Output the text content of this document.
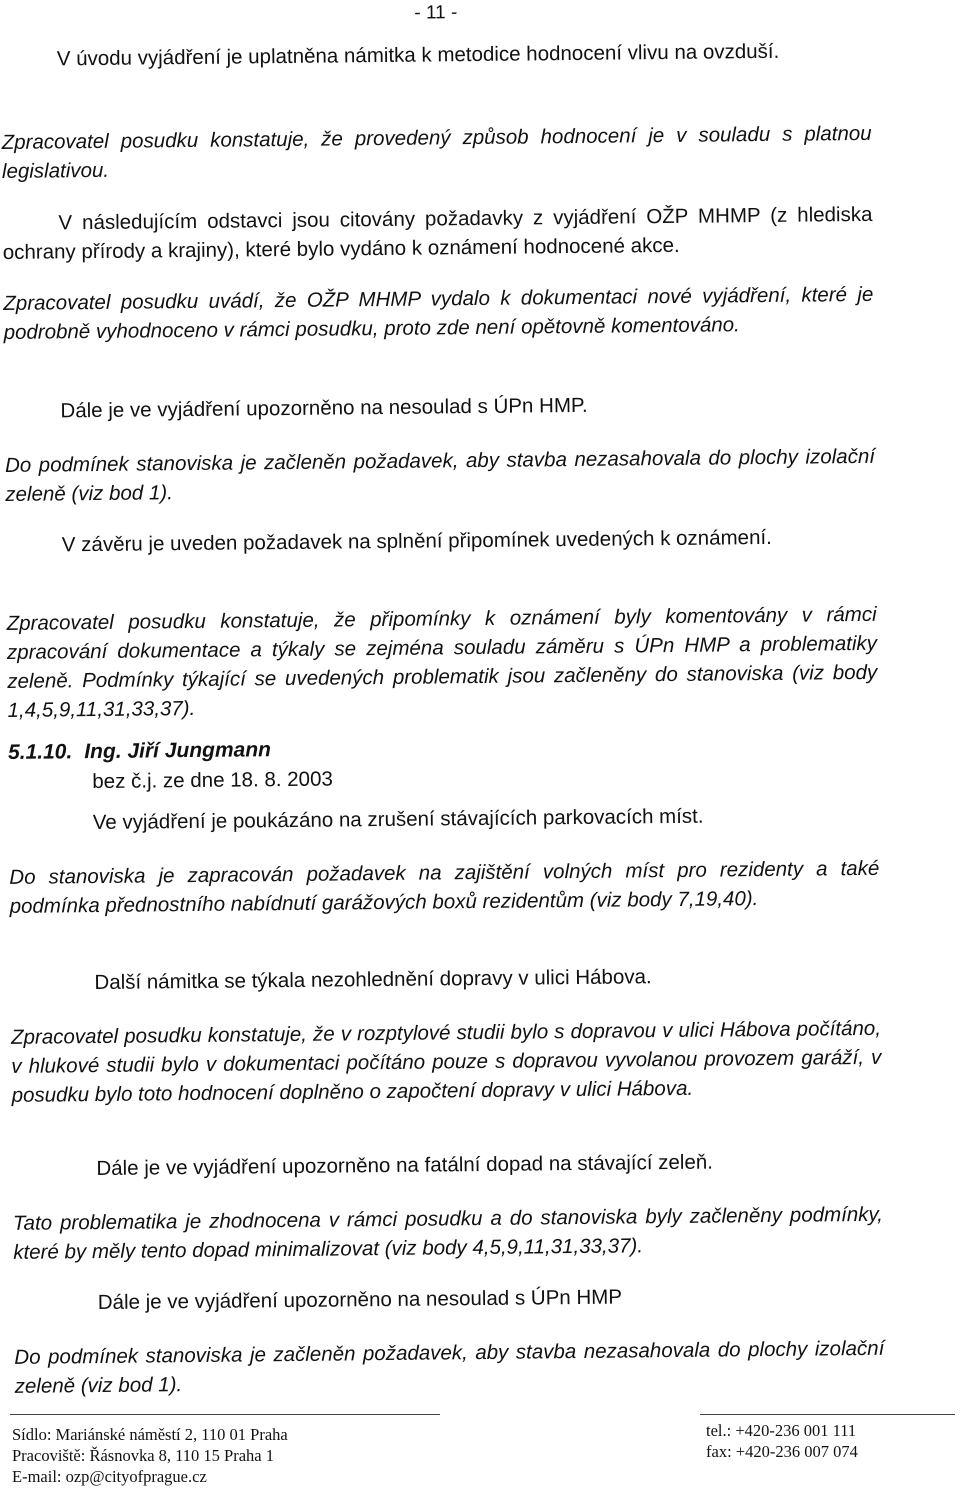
- 11 -

V úvodu vyjádření je uplatněna námitka k metodice hodnocení vlivu na ovzduší.

Zpracovatel posudku konstatuje, že provedený způsob hodnocení je v souladu s platnou legislativou.

V následujícím odstavci jsou citovány požadavky z vyjádření OŽP MHMP (z hlediska ochrany přírody a krajiny), které bylo vydáno k oznámení hodnocené akce.

Zpracovatel posudku uvádí, že OŽP MHMP vydalo k dokumentaci nové vyjádření, které je podrobně vyhodnoceno v rámci posudku, proto zde není opětovně komentováno.

Dále je ve vyjádření upozorněno na nesoulad s ÚPn HMP.

Do podmínek stanoviska je začleněn požadavek, aby stavba nezasahovala do plochy izolační zeleně (viz bod 1).

V závěru je uveden požadavek na splnění připomínek uvedených k oznámení.

Zpracovatel posudku konstatuje, že připomínky k oznámení byly komentovány v rámci zpracování dokumentace a týkaly se zejména souladu záměru s ÚPn HMP a problematiky zeleně. Podmínky týkající se uvedených problematik jsou začleněny do stanoviska (viz body 1,4,5,9,11,31,33,37).

5.1.10. Ing. Jiří Jungmann
bez č.j. ze dne 18. 8. 2003

Ve vyjádření je poukázáno na zrušení stávajících parkovacích míst.

Do stanoviska je zapracován požadavek na zajištění volných míst pro rezidenty a také podmínka přednostního nabídnutí garážových boxů rezidentům (viz body 7,19,40).

Další námitka se týkala nezohlednění dopravy v ulici Hábova.

Zpracovatel posudku konstatuje, že v rozptylové studii bylo s dopravou v ulici Hábova počítáno, v hlukové studii bylo v dokumentaci počítáno pouze s dopravou vyvolanou provozem garáží, v posudku bylo toto hodnocení doplněno o započtení dopravy v ulici Hábova.

Dále je ve vyjádření upozorněno na fatální dopad na stávající zeleň.

Tato problematika je zhodnocena v rámci posudku a do stanoviska byly začleněny podmínky, které by měly tento dopad minimalizovat (viz body 4,5,9,11,31,33,37).

Dále je ve vyjádření upozorněno na nesoulad s ÚPn HMP

Do podmínek stanoviska je začleněn požadavek, aby stavba nezasahovala do plochy izolační zeleně (viz bod 1).

Sídlo: Mariánské náměstí 2, 110 01 Praha
Pracoviště: Řásnovka 8, 110 15 Praha 1
E-mail: ozp@cityofprague.cz
tel.: +420-236 001 111
fax: +420-236 007 074
